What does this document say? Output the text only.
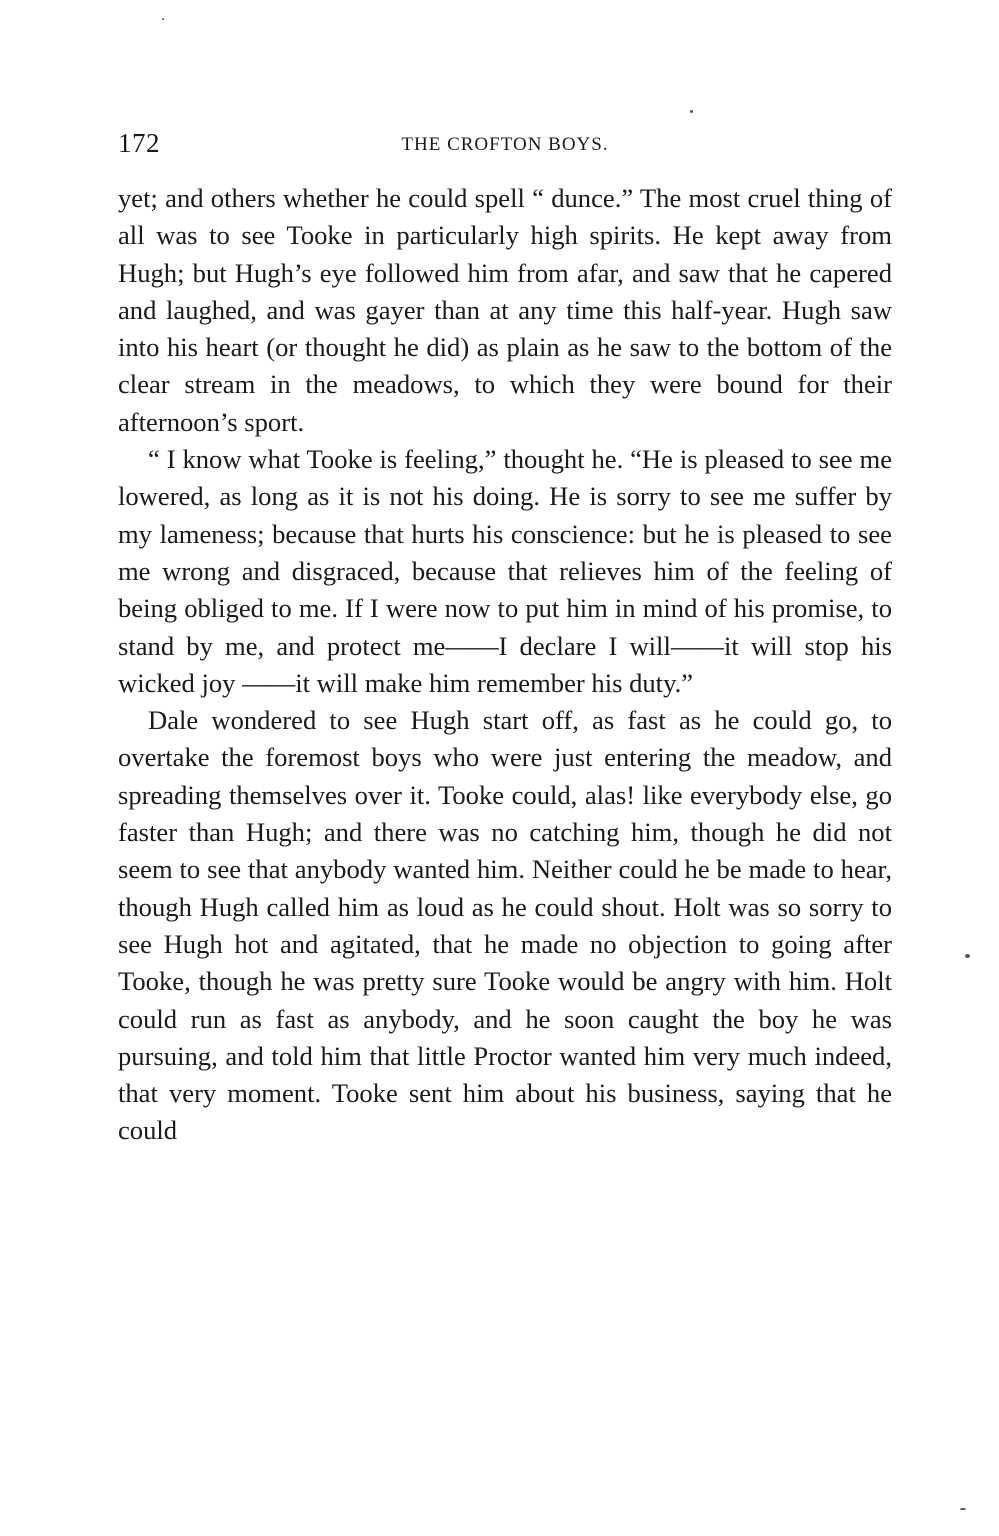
172	THE CROFTON BOYS.

yet; and others whether he could spell “ dunce.” The most cruel thing of all was to see Tooke in particularly high spirits. He kept away from Hugh; but Hugh’s eye followed him from afar, and saw that he capered and laughed, and was gayer than at any time this half-year. Hugh saw into his heart (or thought he did) as plain as he saw to the bottom of the clear stream in the meadows, to which they were bound for their afternoon’s sport.

“ I know what Tooke is feeling,” thought he. “He is pleased to see me lowered, as long as it is not his doing. He is sorry to see me suffer by my lameness; because that hurts his conscience: but he is pleased to see me wrong and disgraced, because that relieves him of the feeling of being obliged to me. If I were now to put him in mind of his promise, to stand by me, and protect me——I declare I will——it will stop his wicked joy ——it will make him remember his duty.”

Dale wondered to see Hugh start off, as fast as he could go, to overtake the foremost boys who were just entering the meadow, and spreading themselves over it. Tooke could, alas! like everybody else, go faster than Hugh; and there was no catching him, though he did not seem to see that anybody wanted him. Neither could he be made to hear, though Hugh called him as loud as he could shout. Holt was so sorry to see Hugh hot and agitated, that he made no objection to going after Tooke, though he was pretty sure Tooke would be angry with him. Holt could run as fast as anybody, and he soon caught the boy he was pursuing, and told him that little Proctor wanted him very much indeed, that very moment. Tooke sent him about his business, saying that he could
